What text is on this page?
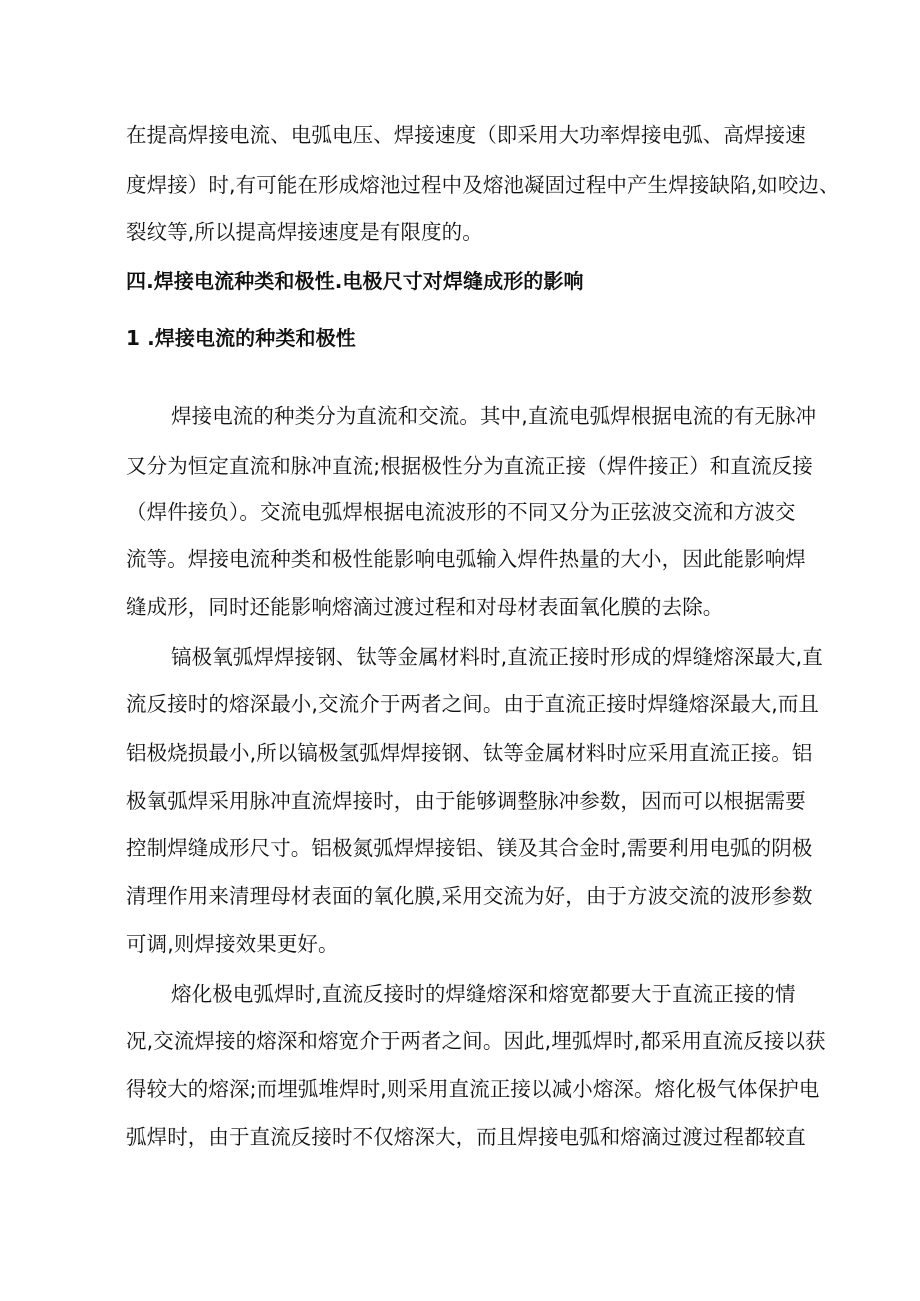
在提高焊接电流、电弧电压、焊接速度（即采用大功率焊接电弧、高焊接速
度焊接）时,有可能在形成熔池过程中及熔池凝固过程中产生焊接缺陷,如咬边、
裂纹等,所以提高焊接速度是有限度的。
四.焊接电流种类和极性.电极尺寸对焊缝成形的影响
1 .焊接电流的种类和极性
焊接电流的种类分为直流和交流。其中,直流电弧焊根据电流的有无脉冲
又分为恒定直流和脉冲直流;根据极性分为直流正接（焊件接正）和直流反接
（焊件接负）。交流电弧焊根据电流波形的不同又分为正弦波交流和方波交
流等。焊接电流种类和极性能影响电弧输入焊件热量的大小，因此能影响焊
缝成形，同时还能影响熔滴过渡过程和对母材表面氧化膜的去除。
镐极氧弧焊焊接钢、钛等金属材料时,直流正接时形成的焊缝熔深最大,直
流反接时的熔深最小,交流介于两者之间。由于直流正接时焊缝熔深最大,而且
铝极烧损最小,所以镐极氢弧焊焊接钢、钛等金属材料时应采用直流正接。铝
极氧弧焊采用脉冲直流焊接时，由于能够调整脉冲参数，因而可以根据需要
控制焊缝成形尺寸。铝极氮弧焊焊接铝、镁及其合金时,需要利用电弧的阴极
清理作用来清理母材表面的氧化膜,采用交流为好，由于方波交流的波形参数
可调,则焊接效果更好。
熔化极电弧焊时,直流反接时的焊缝熔深和熔宽都要大于直流正接的情
况,交流焊接的熔深和熔宽介于两者之间。因此,埋弧焊时,都采用直流反接以获
得较大的熔深;而埋弧堆焊时,则采用直流正接以减小熔深。熔化极气体保护电
弧焊时，由于直流反接时不仅熔深大，而且焊接电弧和熔滴过渡过程都较直
